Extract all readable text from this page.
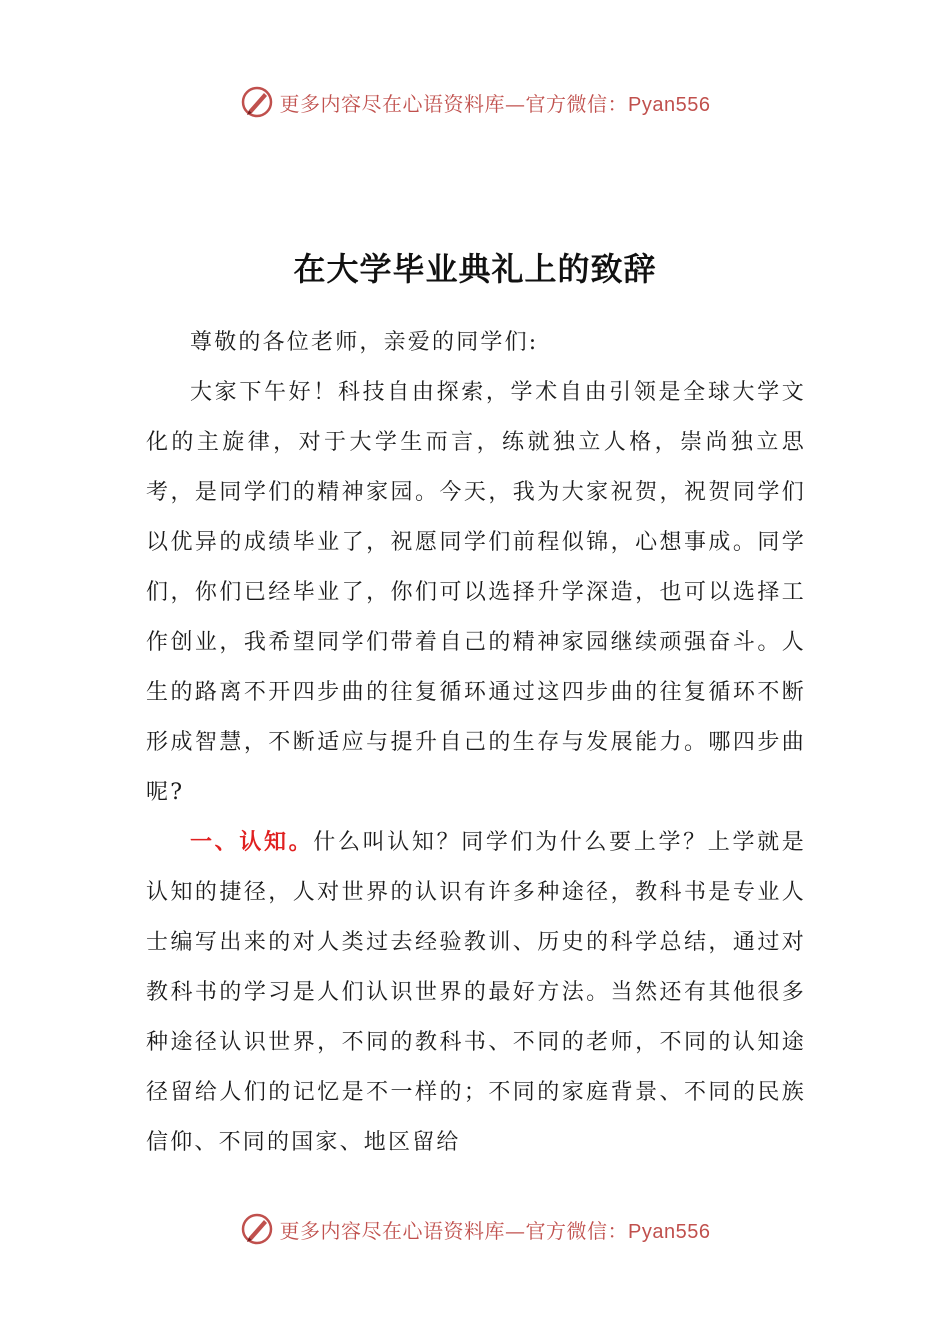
更多内容尽在心语资料库—官方微信：Pyan556
在大学毕业典礼上的致辞

尊敬的各位老师，亲爱的同学们:

大家下午好！科技自由探索，学术自由引领是全球大学文化的主旋律，对于大学生而言，练就独立人格，崇尚独立思考，是同学们的精神家园。今天，我为大家祝贺，祝贺同学们以优异的成绩毕业了，祝愿同学们前程似锦，心想事成。同学们，你们已经毕业了，你们可以选择升学深造，也可以选择工作创业，我希望同学们带着自己的精神家园继续顽强奋斗。人生的路离不开四步曲的往复循环通过这四步曲的往复循环不断形成智慧，不断适应与提升自己的生存与发展能力。哪四步曲呢?

一、认知。什么叫认知？同学们为什么要上学？上学就是认知的捷径，人对世界的认识有许多种途径，教科书是专业人士编写出来的对人类过去经验教训、历史的科学总结，通过对教科书的学习是人们认识世界的最好方法。当然还有其他很多种途径认识世界，不同的教科书、不同的老师，不同的认知途径留给人们的记忆是不一样的；不同的家庭背景、不同的民族信仰、不同的国家、地区留给

更多内容尽在心语资料库—官方微信：Pyan556
